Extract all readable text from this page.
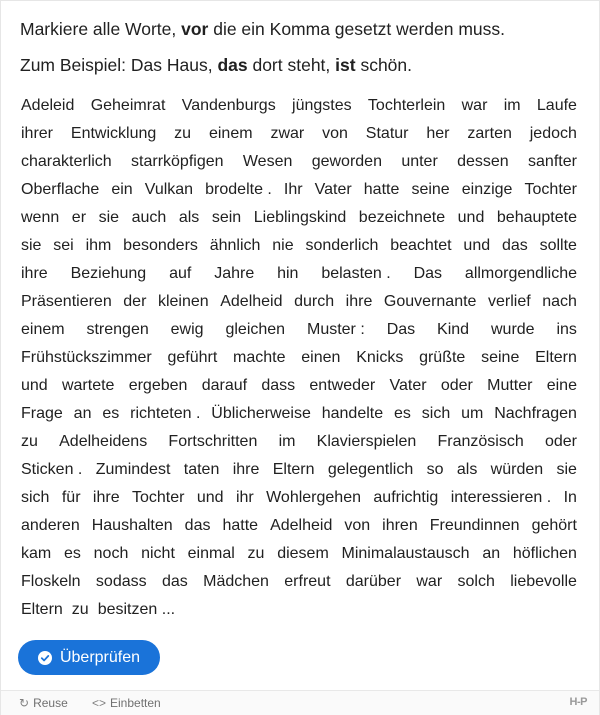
Markiere alle Worte, vor die ein Komma gesetzt werden muss.
Zum Beispiel: Das Haus, das dort steht, ist schön.
Adeleid Geheimrat Vandenburgs jüngstes Tochterlein war im Laufe
ihrer Entwicklung zu einem zwar von Statur her zarten jedoch
charakterlich starrköpfigen Wesen geworden unter dessen sanfter
Oberflache ein Vulkan brodelte . Ihr Vater hatte seine einzige Tochter
wenn er sie auch als sein Lieblingskind bezeichnete und behauptete
sie sei ihm besonders ähnlich nie sonderlich beachtet und das sollte
ihre Beziehung auf Jahre hin belasten . Das allmorgendliche
Präsentieren der kleinen Adelheid durch ihre Gouvernante verlief nach
einem strengen ewig gleichen Muster : Das Kind wurde ins
Frühstückszimmer geführt machte einen Knicks grüßte seine Eltern
und wartete ergeben darauf dass entweder Vater oder Mutter eine
Frage an es richteten . Üblicherweise handelte es sich um Nachfragen
zu Adelheidens Fortschritten im Klavierspielen Französisch oder
Sticken . Zumindest taten ihre Eltern gelegentlich so als würden sie
sich für ihre Tochter und ihr Wohlergehen aufrichtig interessieren . In
anderen Haushalten das hatte Adelheid von ihren Freundinnen gehört
kam es noch nicht einmal zu diesem Minimalaustausch an höflichen
Floskeln sodass das Mädchen erfreut darüber war solch liebevolle
Eltern zu besitzen ...
Überprüfen
↻ Reuse <> Einbetten	H-P
